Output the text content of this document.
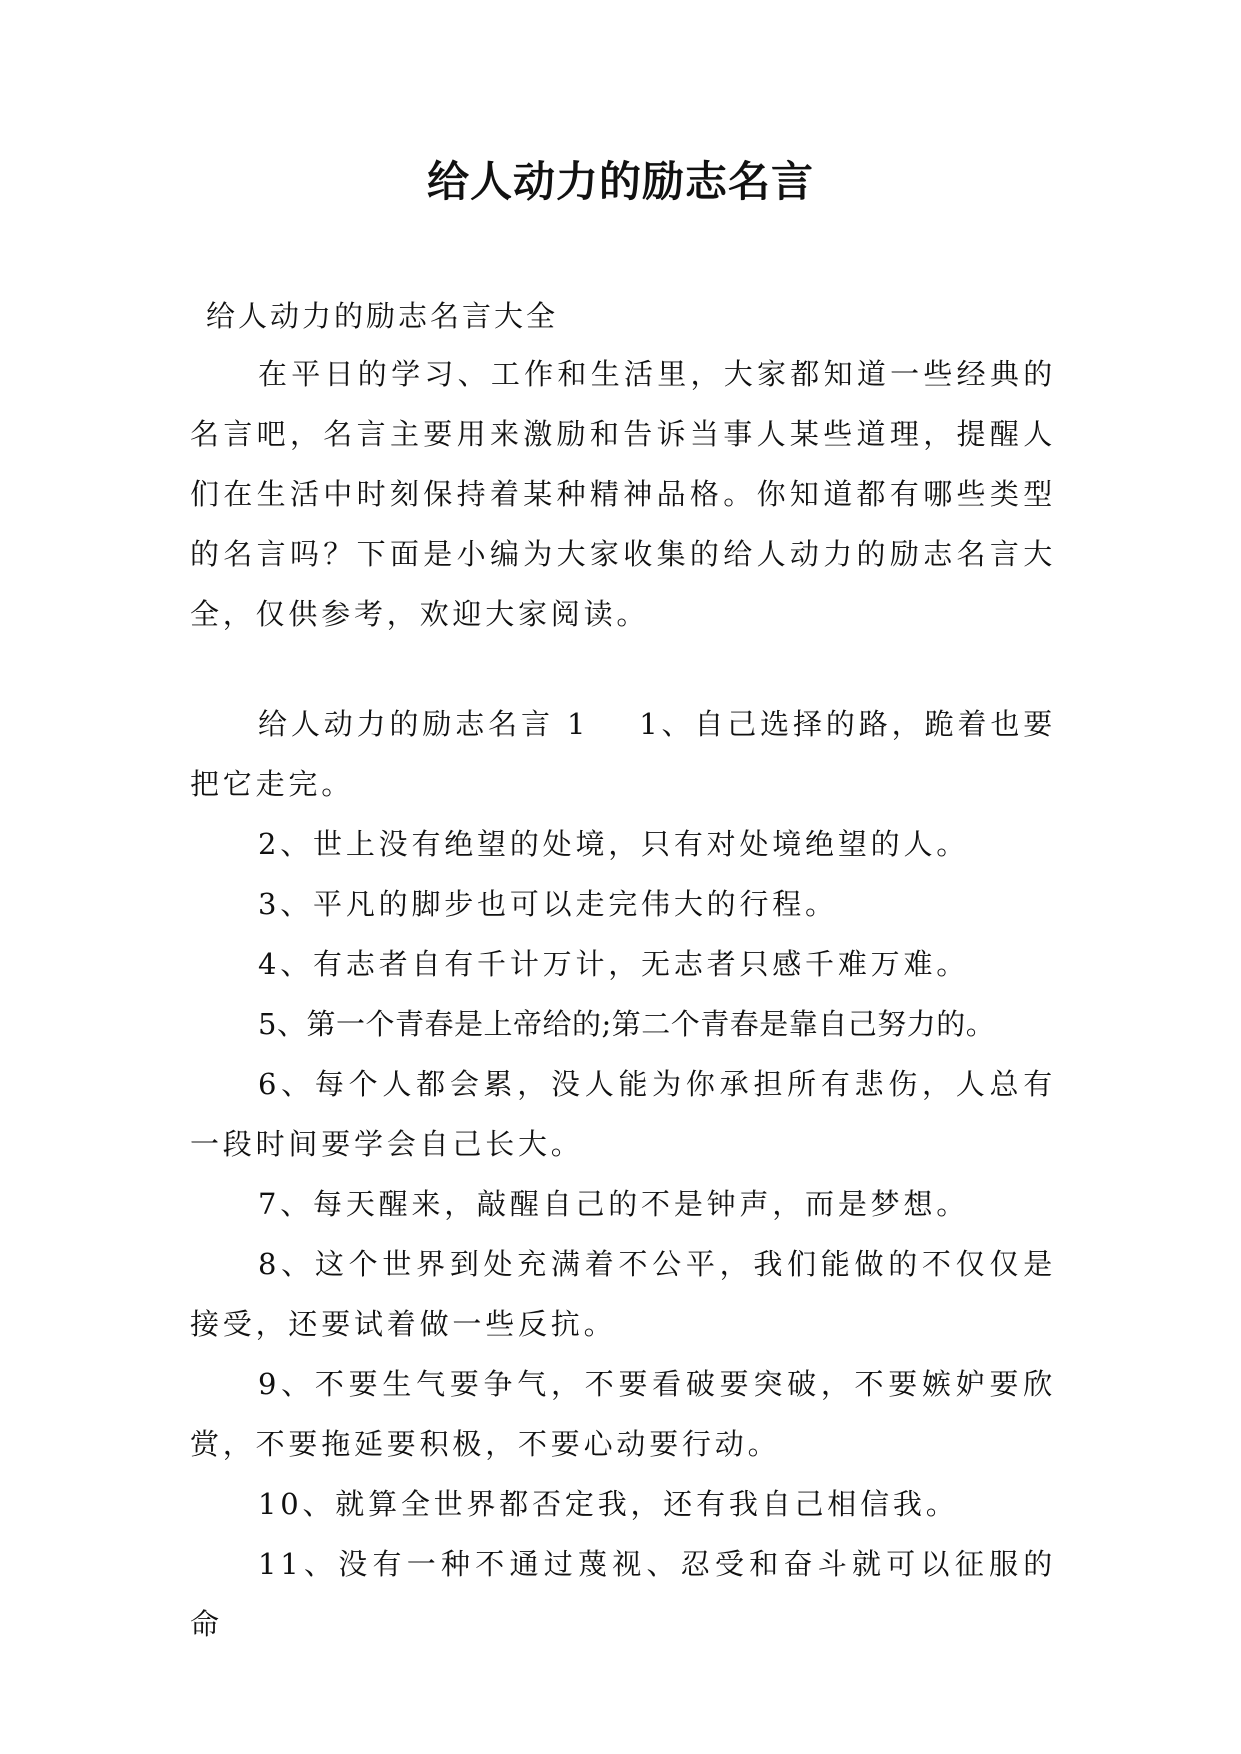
给人动力的励志名言

给人动力的励志名言大全

在平日的学习、工作和生活里，大家都知道一些经典的名言吧，名言主要用来激励和告诉当事人某些道理，提醒人们在生活中时刻保持着某种精神品格。你知道都有哪些类型的名言吗？下面是小编为大家收集的给人动力的励志名言大全，仅供参考，欢迎大家阅读。

给人动力的励志名言 1 1、自己选择的路，跪着也要把它走完。

2、世上没有绝望的处境，只有对处境绝望的人。

3、平凡的脚步也可以走完伟大的行程。

4、有志者自有千计万计，无志者只感千难万难。

5、第一个青春是上帝给的;第二个青春是靠自己努力的。

6、每个人都会累，没人能为你承担所有悲伤，人总有一段时间要学会自己长大。

7、每天醒来，敲醒自己的不是钟声，而是梦想。

8、这个世界到处充满着不公平，我们能做的不仅仅是接受，还要试着做一些反抗。

9、不要生气要争气，不要看破要突破，不要嫉妒要欣赏，不要拖延要积极，不要心动要行动。

10、就算全世界都否定我，还有我自己相信我。

11、没有一种不通过蔑视、忍受和奋斗就可以征服的命
